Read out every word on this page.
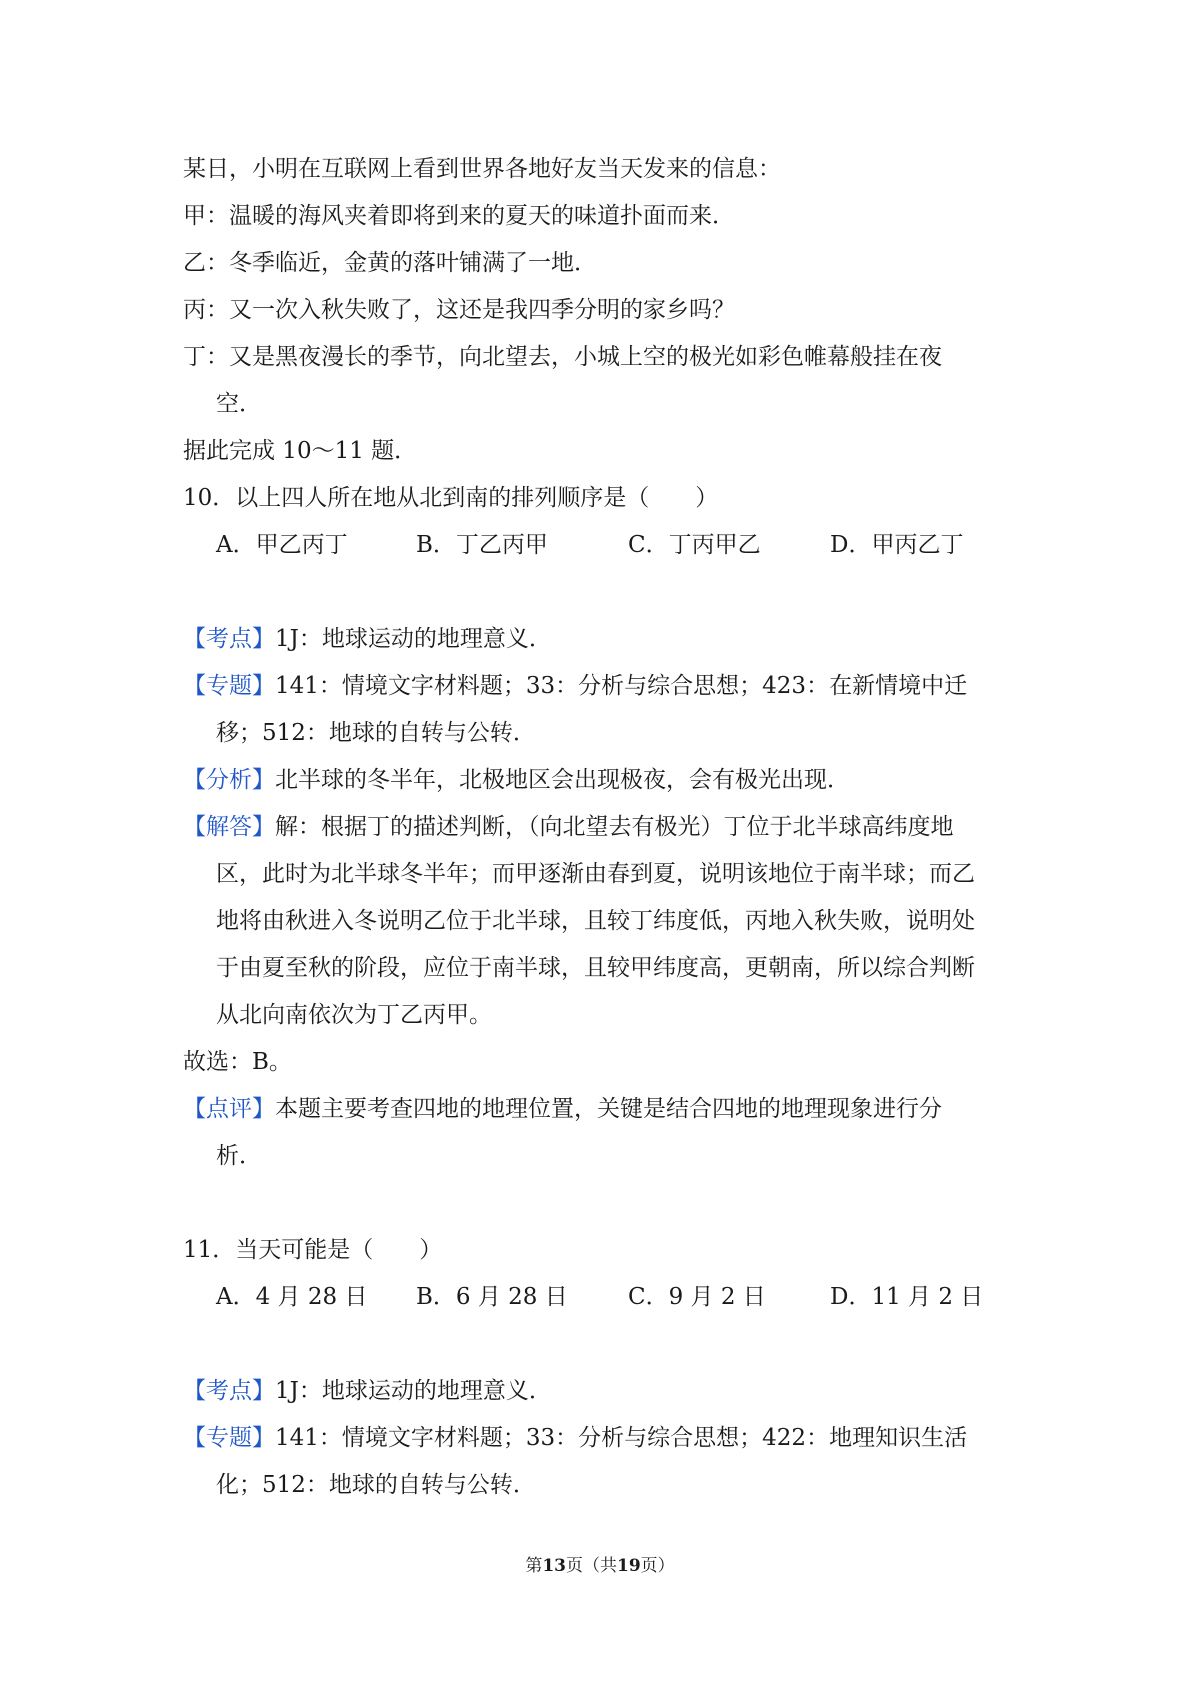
某日，小明在互联网上看到世界各地好友当天发来的信息：
甲：温暖的海风夹着即将到来的夏天的味道扑面而来．
乙：冬季临近，金黄的落叶铺满了一地．
丙：又一次入秋失败了，这还是我四季分明的家乡吗？
丁：又是黑夜漫长的季节，向北望去，小城上空的极光如彩色帷幕般挂在夜
空．
据此完成 10～11 题．
10．以上四人所在地从北到南的排列顺序是（　　）
A．甲乙丙丁	B．丁乙丙甲	C．丁丙甲乙	D．甲丙乙丁
【考点】1J：地球运动的地理意义．
【专题】141：情境文字材料题；33：分析与综合思想；423：在新情境中迁
移；512：地球的自转与公转．
【分析】北半球的冬半年，北极地区会出现极夜，会有极光出现．
【解答】解：根据丁的描述判断，（向北望去有极光）丁位于北半球高纬度地
区，此时为北半球冬半年；而甲逐渐由春到夏，说明该地位于南半球；而乙
地将由秋进入冬说明乙位于北半球，且较丁纬度低，丙地入秋失败，说明处
于由夏至秋的阶段，应位于南半球，且较甲纬度高，更朝南，所以综合判断
从北向南依次为丁乙丙甲。
故选：B。
【点评】本题主要考查四地的地理位置，关键是结合四地的地理现象进行分
析．
11．当天可能是（　　）
A．4 月 28 日 B．6 月 28 日	C．9 月 2 日	D．11 月 2 日
【考点】1J：地球运动的地理意义．
【专题】141：情境文字材料题；33：分析与综合思想；422：地理知识生活
化；512：地球的自转与公转．
第13页（共19页）
